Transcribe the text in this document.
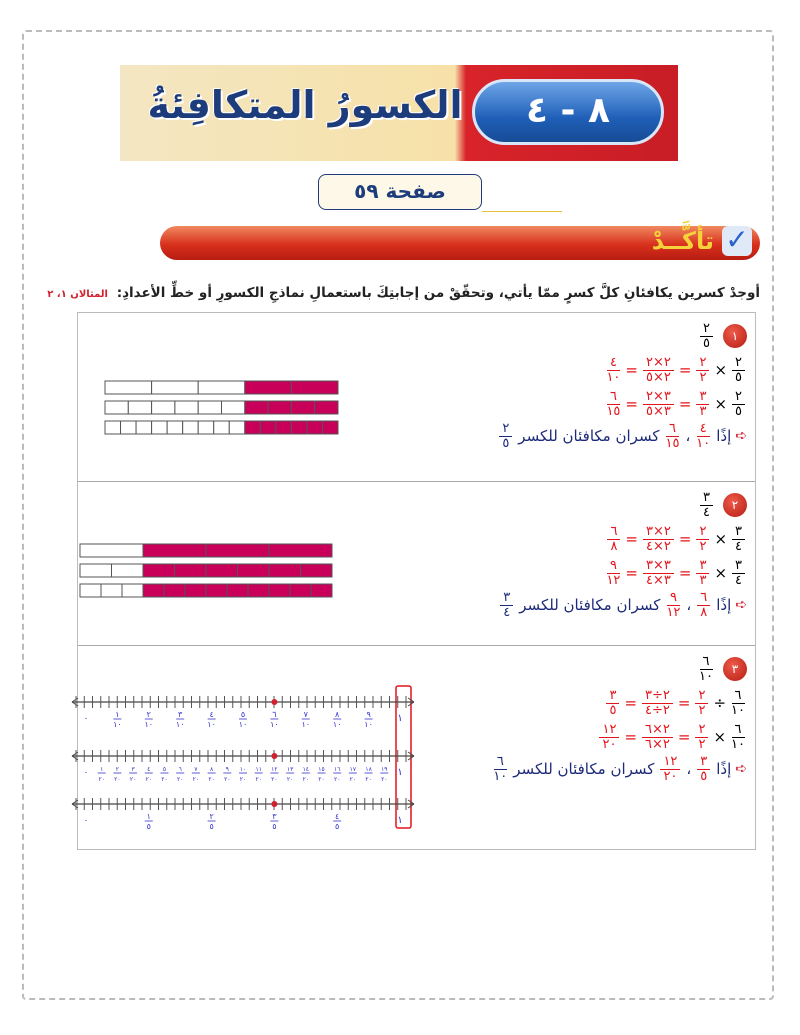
الكسورُ المتكافِئةُ	٨ - ٤
صفحة ٥٩
✓
تأكَّــدْ
أوجدْ كسرين يكافئانِ كلَّ كسرٍ ممّا يأتي، وتحقّقْ من إجابتِكَ باستعمالِ نماذجِ الكسورِ أو خطِّ الأعدادِ: المثالان ١، ٢
١
٢
٥
٢
٥
×
٢
٢
=
٢×٢
٢×٥
=
٤
١٠
٢
٥
×
٣
٣
=
٣×٢
٣×٥
=
٦
١٥
➪
إذًا
٤
١٠
،
٦
١٥
كسران مكافئان للكسر
٢
٥
٢
٣
٤
٣
٤
×
٢
٢
=
٢×٣
٢×٤
=
٦
٨
٣
٤
×
٣
٣
=
٣×٣
٣×٤
=
٩
١٢
➪
إذًا
٦
٨
،
٩
١٢
كسران مكافئان للكسر
٣
٤
٣
٦
١٠
٦
١٠
÷
٢
٢
=
٢÷٣
٢÷٤
=
٣
٥
٦
١٠
×
٢
٢
=
٢×٦
٢×٦
=
١٢
٢٠
➪
إذًا
٣
٥
،
١٢
٢٠
كسران مكافئان للكسر
٦
١٠
٠	١
١
١٠
٢
١٠
٣
١٠
٤
١٠
٥
١٠
٦
١٠
٧
١٠
٨
١٠
٩
١٠
٠	١
١
٢٠
٢
٢٠
٣
٢٠
٤
٢٠
٥
٢٠
٦
٢٠
٧
٢٠
٨
٢٠
٩
٢٠
١٠
٢٠
١١
٢٠
١٢
٢٠
١٣
٢٠
١٤
٢٠
١٥
٢٠
١٦
٢٠
١٧
٢٠
١٨
٢٠
١٩
٢٠
٠	١
١
٥
٢
٥
٣
٥
٤
٥
